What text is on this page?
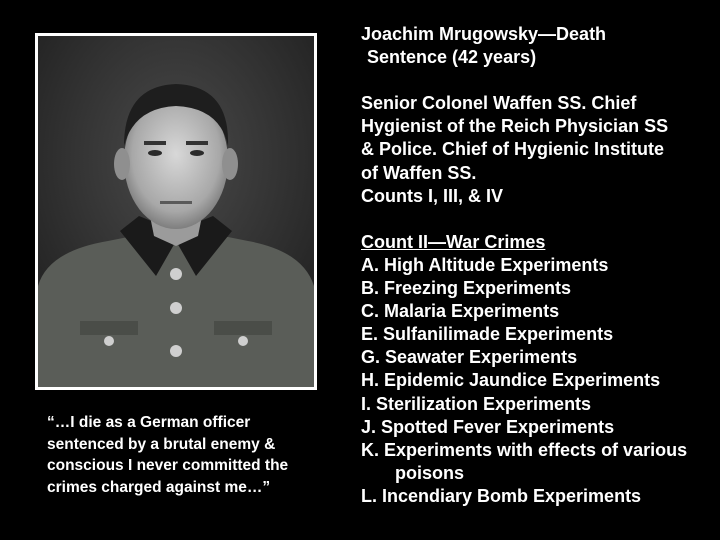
Joachim Mrugowsky—Death
Sentence (42 years)
Senior Colonel Waffen SS. Chief
Hygienist of the Reich Physician SS
& Police. Chief of Hygienic Institute
of Waffen SS.
Counts I, III, & IV
Count II—War Crimes
A. High Altitude Experiments
B. Freezing Experiments
C. Malaria Experiments
E. Sulfanilimade Experiments
G. Seawater Experiments
H. Epidemic Jaundice Experiments
I. Sterilization Experiments
J. Spotted Fever Experiments
K. Experiments with effects of various
poisons
L. Incendiary Bomb Experiments
“…I die as a German officer
sentenced by a brutal enemy &
conscious I never committed the
crimes charged against me…”
